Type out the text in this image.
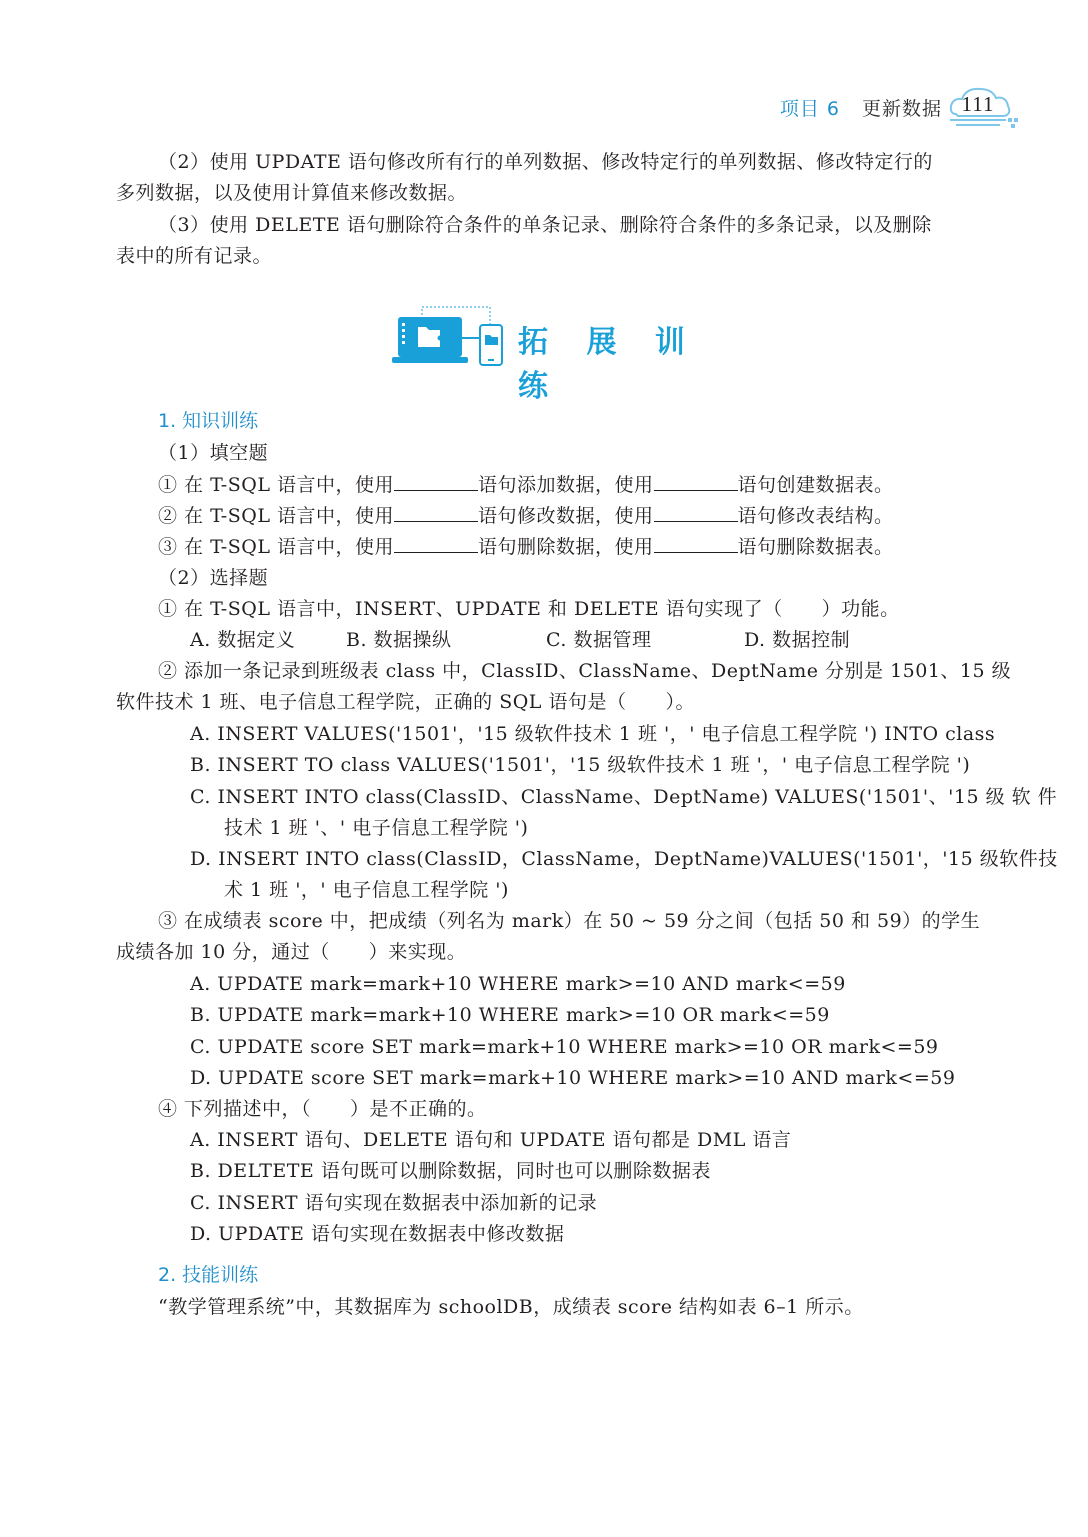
项目 6 更新数据 111
（2）使用 UPDATE 语句修改所有行的单列数据、修改特定行的单列数据、修改特定行的
多列数据，以及使用计算值来修改数据。
（3）使用 DELETE 语句删除符合条件的单条记录、删除符合条件的多条记录，以及删除
表中的所有记录。
拓 展 训 练
1. 知识训练
（1）填空题
① 在 T-SQL 语言中，使用	语句添加数据，使用	语句创建数据表。
② 在 T-SQL 语言中，使用	语句修改数据，使用	语句修改表结构。
③ 在 T-SQL 语言中，使用	语句删除数据，使用	语句删除数据表。
（2）选择题
① 在 T-SQL 语言中，INSERT、UPDATE 和 DELETE 语句实现了（　　）功能。
A. 数据定义	B. 数据操纵	C. 数据管理	D. 数据控制
② 添加一条记录到班级表 class 中，ClassID、ClassName、DeptName 分别是 1501、15 级
软件技术 1 班、电子信息工程学院，正确的 SQL 语句是（　　）。
A. INSERT VALUES('1501'，'15 级软件技术 1 班 '，' 电子信息工程学院 ') INTO class
B. INSERT TO class VALUES('1501'，'15 级软件技术 1 班 '，' 电子信息工程学院 ')
C. INSERT INTO class(ClassID、ClassName、DeptName) VALUES('1501'、'15 级 软 件
技术 1 班 '、' 电子信息工程学院 ')
D. INSERT INTO class(ClassID，ClassName，DeptName)VALUES('1501'，'15 级软件技
术 1 班 '，' 电子信息工程学院 ')
③ 在成绩表 score 中，把成绩（列名为 mark）在 50 ~ 59 分之间（包括 50 和 59）的学生
成绩各加 10 分，通过（　　）来实现。
A. UPDATE mark=mark+10 WHERE mark>=10 AND mark<=59
B. UPDATE mark=mark+10 WHERE mark>=10 OR mark<=59
C. UPDATE score SET mark=mark+10 WHERE mark>=10 OR mark<=59
D. UPDATE score SET mark=mark+10 WHERE mark>=10 AND mark<=59
④ 下列描述中，（　　）是不正确的。
A. INSERT 语句、DELETE 语句和 UPDATE 语句都是 DML 语言
B. DELTETE 语句既可以删除数据，同时也可以删除数据表
C. INSERT 语句实现在数据表中添加新的记录
D. UPDATE 语句实现在数据表中修改数据
2. 技能训练
“教学管理系统”中，其数据库为 schoolDB，成绩表 score 结构如表 6–1 所示。
